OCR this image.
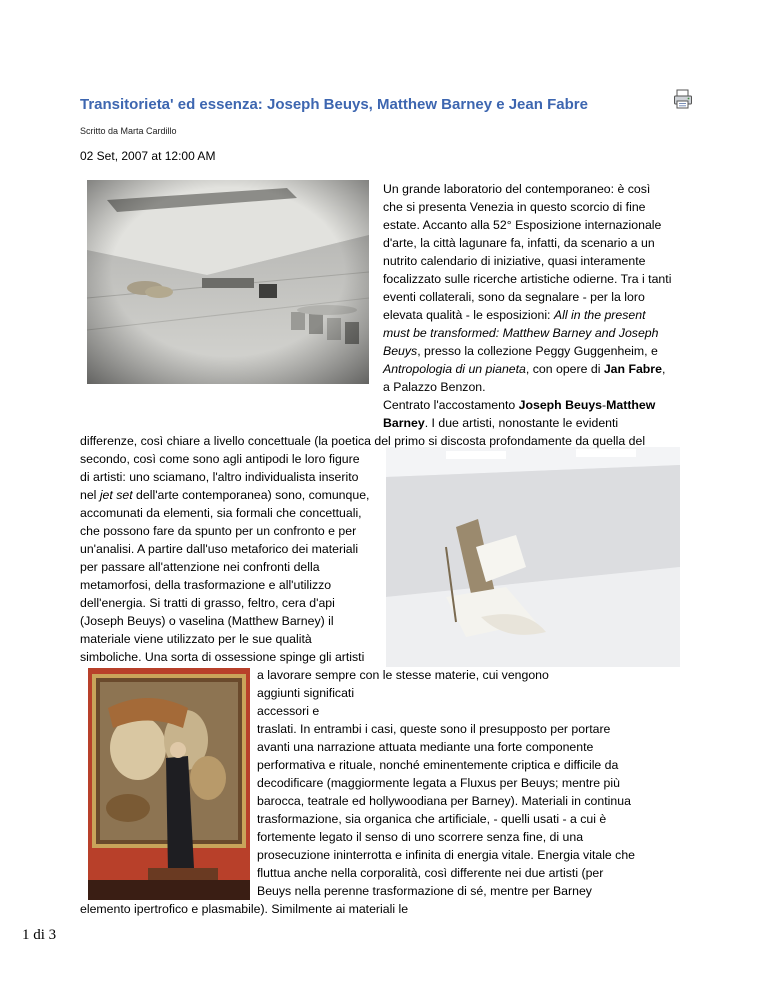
Transitorieta' ed essenza: Joseph Beuys, Matthew Barney e Jean Fabre
Scritto da Marta Cardillo
02 Set, 2007 at 12:00 AM
Un grande laboratorio del contemporaneo: è così
che si presenta Venezia in questo scorcio di fine
estate. Accanto alla 52° Esposizione internazionale
d'arte, la città lagunare fa, infatti, da scenario a un
nutrito calendario di iniziative, quasi interamente
focalizzato sulle ricerche artistiche odierne. Tra i tanti
eventi collaterali, sono da segnalare - per la loro
elevata qualità - le esposizioni: All in the present
must be transformed: Matthew Barney and Joseph
Beuys, presso la collezione Peggy Guggenheim, e
Antropologia di un pianeta, con opere di Jan Fabre,
a Palazzo Benzon.
Centrato l'accostamento Joseph Beuys-Matthew
Barney. I due artisti, nonostante le evidenti
differenze, così chiare a livello concettuale (la poetica del primo si discosta profondamente da quella del
secondo, così come sono agli antipodi le loro figure
di artisti: uno sciamano, l'altro individualista inserito
nel jet set dell'arte contemporanea) sono, comunque,
accomunati da elementi, sia formali che concettuali,
che possono fare da spunto per un confronto e per
un'analisi. A partire dall'uso metaforico dei materiali
per passare all'attenzione nei confronti della
metamorfosi, della trasformazione e all'utilizzo
dell'energia. Si tratti di grasso, feltro, cera d'api
(Joseph Beuys) o vaselina (Matthew Barney) il
materiale viene utilizzato per le sue qualità
simboliche. Una sorta di ossessione spinge gli artisti
a lavorare sempre con le stesse materie, cui vengono
aggiunti significati
accessori e
traslati. In entrambi i casi, queste sono il presupposto per portare
avanti una narrazione attuata mediante una forte componente
performativa e rituale, nonché eminentemente criptica e difficile da
decodificare (maggiormente legata a Fluxus per Beuys; mentre più
barocca, teatrale ed hollywoodiana per Barney). Materiali in continua
trasformazione, sia organica che artificiale, - quelli usati - a cui è
fortemente legato il senso di uno scorrere senza fine, di una
prosecuzione ininterrotta e infinita di energia vitale. Energia vitale che
fluttua anche nella corporalità, così differente nei due artisti (per
Beuys nella perenne trasformazione di sé, mentre per Barney
elemento ipertrofico e plasmabile). Similmente ai materiali le
1 di 3
